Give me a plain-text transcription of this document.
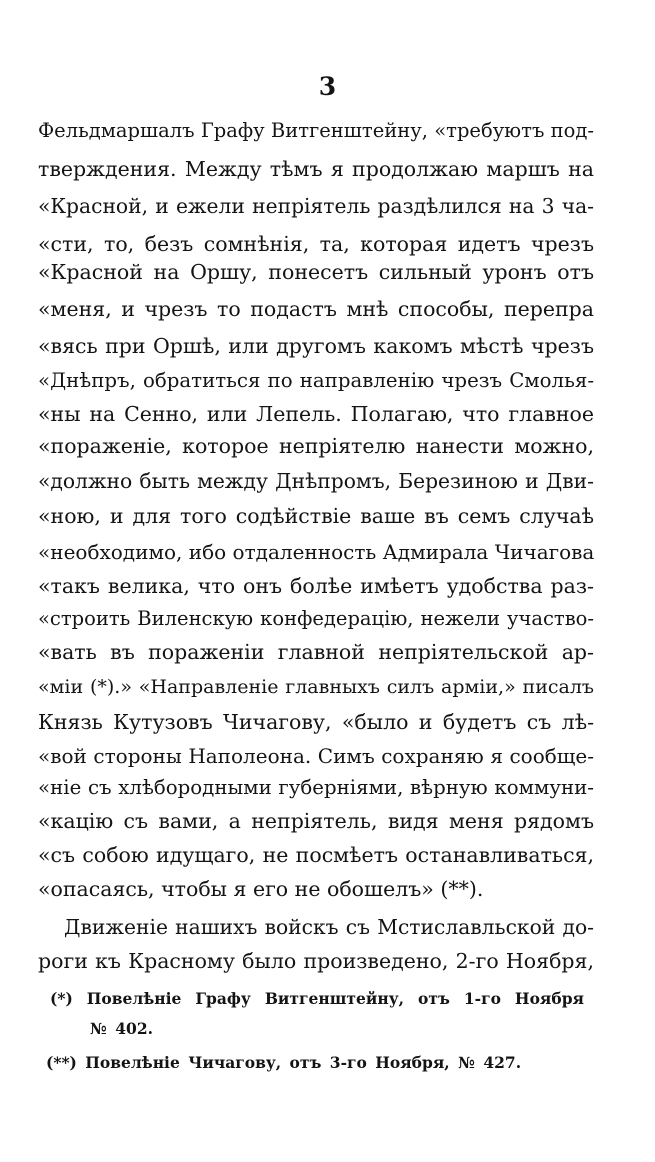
3
Фельдмаршалъ Графу Витгенштейну, «требуютъ под-
тверждения. Между тѣмъ я продолжаю маршъ на
«Красной, и ежели непріятель раздѣлился на 3 ча-
«сти, то, безъ сомнѣнія, та, которая идетъ чрезъ
«Красной на Оршу, понесетъ сильный уронъ отъ
«меня, и чрезъ то подастъ мнѣ способы, перепра
«вясь при Оршѣ, или другомъ какомъ мѣстѣ чрезъ
«Днѣпръ, обратиться по направленію чрезъ Смолья-
«ны на Сенно, или Лепель. Полагаю, что главное
«пораженіе, которое непріятелю нанести можно,
«должно быть между Днѣпромъ, Березиною и Дви-
«ною, и для того содѣйствіе ваше въ семъ случаѣ
«необходимо, ибо отдаленность Адмирала Чичагова
«такъ велика, что онъ болѣе имѣетъ удобства раз-
«строить Виленскую конфедерацію, нежели участво-
«вать въ пораженіи главной непріятельской ар-
«міи (*).» «Направленіе главныхъ силъ арміи,» писалъ
Князь Кутузовъ Чичагову, «было и будетъ съ лѣ-
«вой стороны Наполеона. Симъ сохраняю я сообще-
«ніе съ хлѣбородными губерніями, вѣрную коммуни-
«кацію съ вами, а непріятель, видя меня рядомъ
«съ собою идущаго, не посмѣетъ останавливаться,
«опасаясь, чтобы я его не обошелъ» (**).
Движеніе нашихъ войскъ съ Мстиславльской до-
роги къ Красному было произведено, 2-го Ноября,
(*) Повелѣніе Графу Витгенштейну, отъ 1-го Ноября
№ 402.
(**) Повелѣніе Чичагову, отъ 3-го Ноября, № 427.
